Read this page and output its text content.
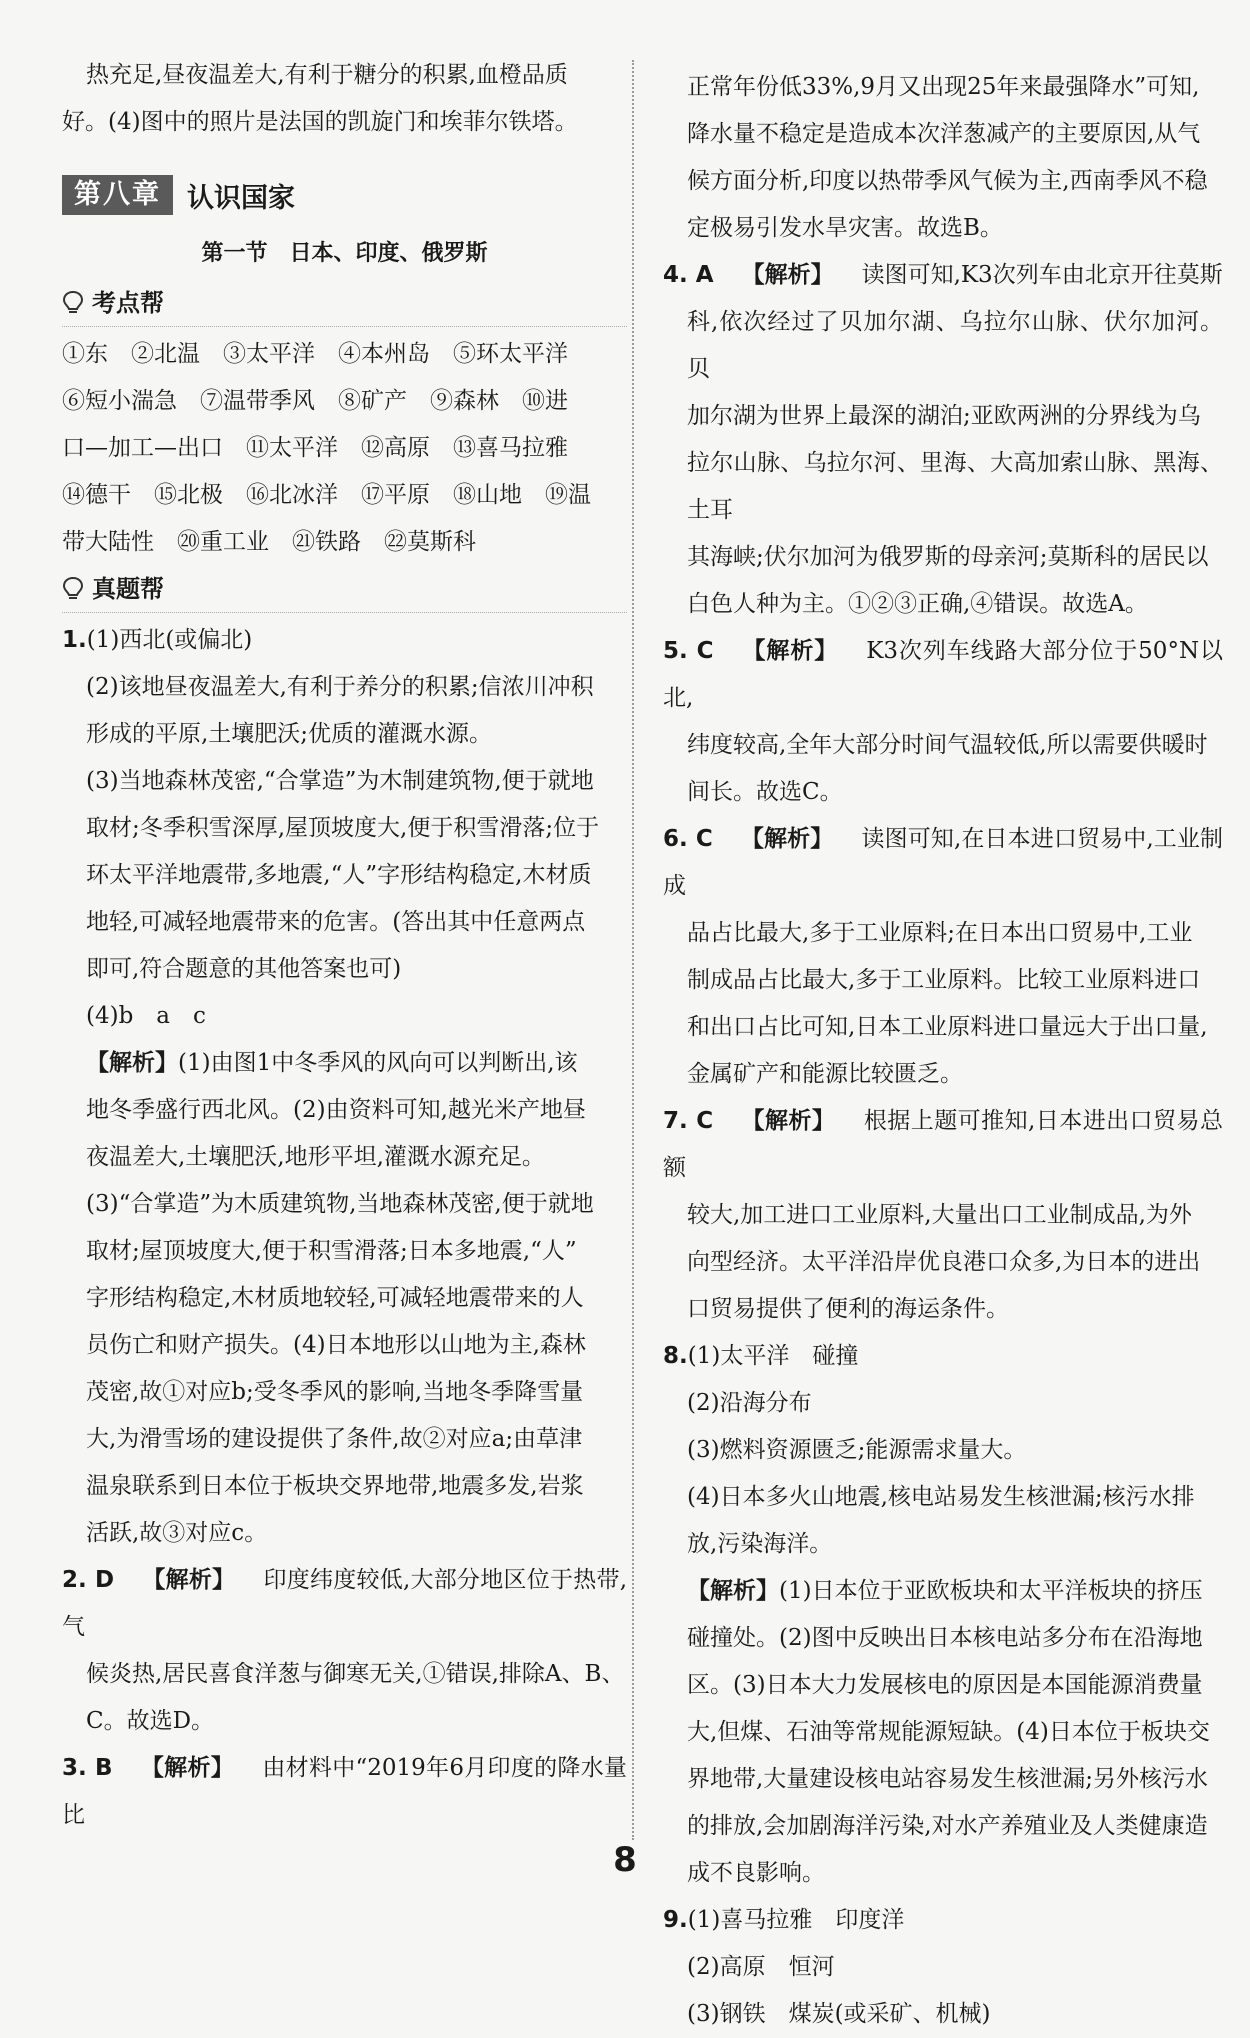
热充足,昼夜温差大,有利于糖分的积累,血橙品质

好。(4)图中的照片是法国的凯旋门和埃菲尔铁塔。

第八章 认识国家
第一节　日本、印度、俄罗斯
考点帮

①东　②北温　③太平洋　④本州岛　⑤环太平洋

⑥短小湍急　⑦温带季风　⑧矿产　⑨森林　⑩进

口—加工—出口　⑪太平洋　⑫高原　⑬喜马拉雅

⑭德干　⑮北极　⑯北冰洋　⑰平原　⑱山地　⑲温

带大陆性　⑳重工业　㉑铁路　㉒莫斯科

真题帮

1.(1)西北(或偏北)

(2)该地昼夜温差大,有利于养分的积累;信浓川冲积

形成的平原,土壤肥沃;优质的灌溉水源。

(3)当地森林茂密,“合掌造”为木制建筑物,便于就地

取材;冬季积雪深厚,屋顶坡度大,便于积雪滑落;位于

环太平洋地震带,多地震,“人”字形结构稳定,木材质

地轻,可减轻地震带来的危害。(答出其中任意两点

即可,符合题意的其他答案也可)

(4)b　a　c

【解析】(1)由图1中冬季风的风向可以判断出,该

地冬季盛行西北风。(2)由资料可知,越光米产地昼

夜温差大,土壤肥沃,地形平坦,灌溉水源充足。

(3)“合掌造”为木质建筑物,当地森林茂密,便于就地

取材;屋顶坡度大,便于积雪滑落;日本多地震,“人”

字形结构稳定,木材质地较轻,可减轻地震带来的人

员伤亡和财产损失。(4)日本地形以山地为主,森林

茂密,故①对应b;受冬季风的影响,当地冬季降雪量

大,为滑雪场的建设提供了条件,故②对应a;由草津

温泉联系到日本位于板块交界地带,地震多发,岩浆

活跃,故③对应c。

2. D 【解析】 印度纬度较低,大部分地区位于热带,气

候炎热,居民喜食洋葱与御寒无关,①错误,排除A、B、

C。故选D。

3. B 【解析】 由材料中“2019年6月印度的降水量比

正常年份低33%,9月又出现25年来最强降水”可知,

降水量不稳定是造成本次洋葱减产的主要原因,从气

候方面分析,印度以热带季风气候为主,西南季风不稳

定极易引发水旱灾害。故选B。

4. A 【解析】 读图可知,K3次列车由北京开往莫斯

科,依次经过了贝加尔湖、乌拉尔山脉、伏尔加河。贝

加尔湖为世界上最深的湖泊;亚欧两洲的分界线为乌

拉尔山脉、乌拉尔河、里海、大高加索山脉、黑海、土耳

其海峡;伏尔加河为俄罗斯的母亲河;莫斯科的居民以

白色人种为主。①②③正确,④错误。故选A。

5. C 【解析】 K3次列车线路大部分位于50°N以北,

纬度较高,全年大部分时间气温较低,所以需要供暖时

间长。故选C。

6. C 【解析】 读图可知,在日本进口贸易中,工业制成

品占比最大,多于工业原料;在日本出口贸易中,工业

制成品占比最大,多于工业原料。比较工业原料进口

和出口占比可知,日本工业原料进口量远大于出口量,

金属矿产和能源比较匮乏。

7. C 【解析】 根据上题可推知,日本进出口贸易总额

较大,加工进口工业原料,大量出口工业制成品,为外

向型经济。太平洋沿岸优良港口众多,为日本的进出

口贸易提供了便利的海运条件。

8.(1)太平洋　碰撞

(2)沿海分布

(3)燃料资源匮乏;能源需求量大。

(4)日本多火山地震,核电站易发生核泄漏;核污水排

放,污染海洋。

【解析】(1)日本位于亚欧板块和太平洋板块的挤压

碰撞处。(2)图中反映出日本核电站多分布在沿海地

区。(3)日本大力发展核电的原因是本国能源消费量

大,但煤、石油等常规能源短缺。(4)日本位于板块交

界地带,大量建设核电站容易发生核泄漏;另外核污水

的排放,会加剧海洋污染,对水产养殖业及人类健康造

成不良影响。

9.(1)喜马拉雅　印度洋

(2)高原　恒河

(3)钢铁　煤炭(或采矿、机械)

8
